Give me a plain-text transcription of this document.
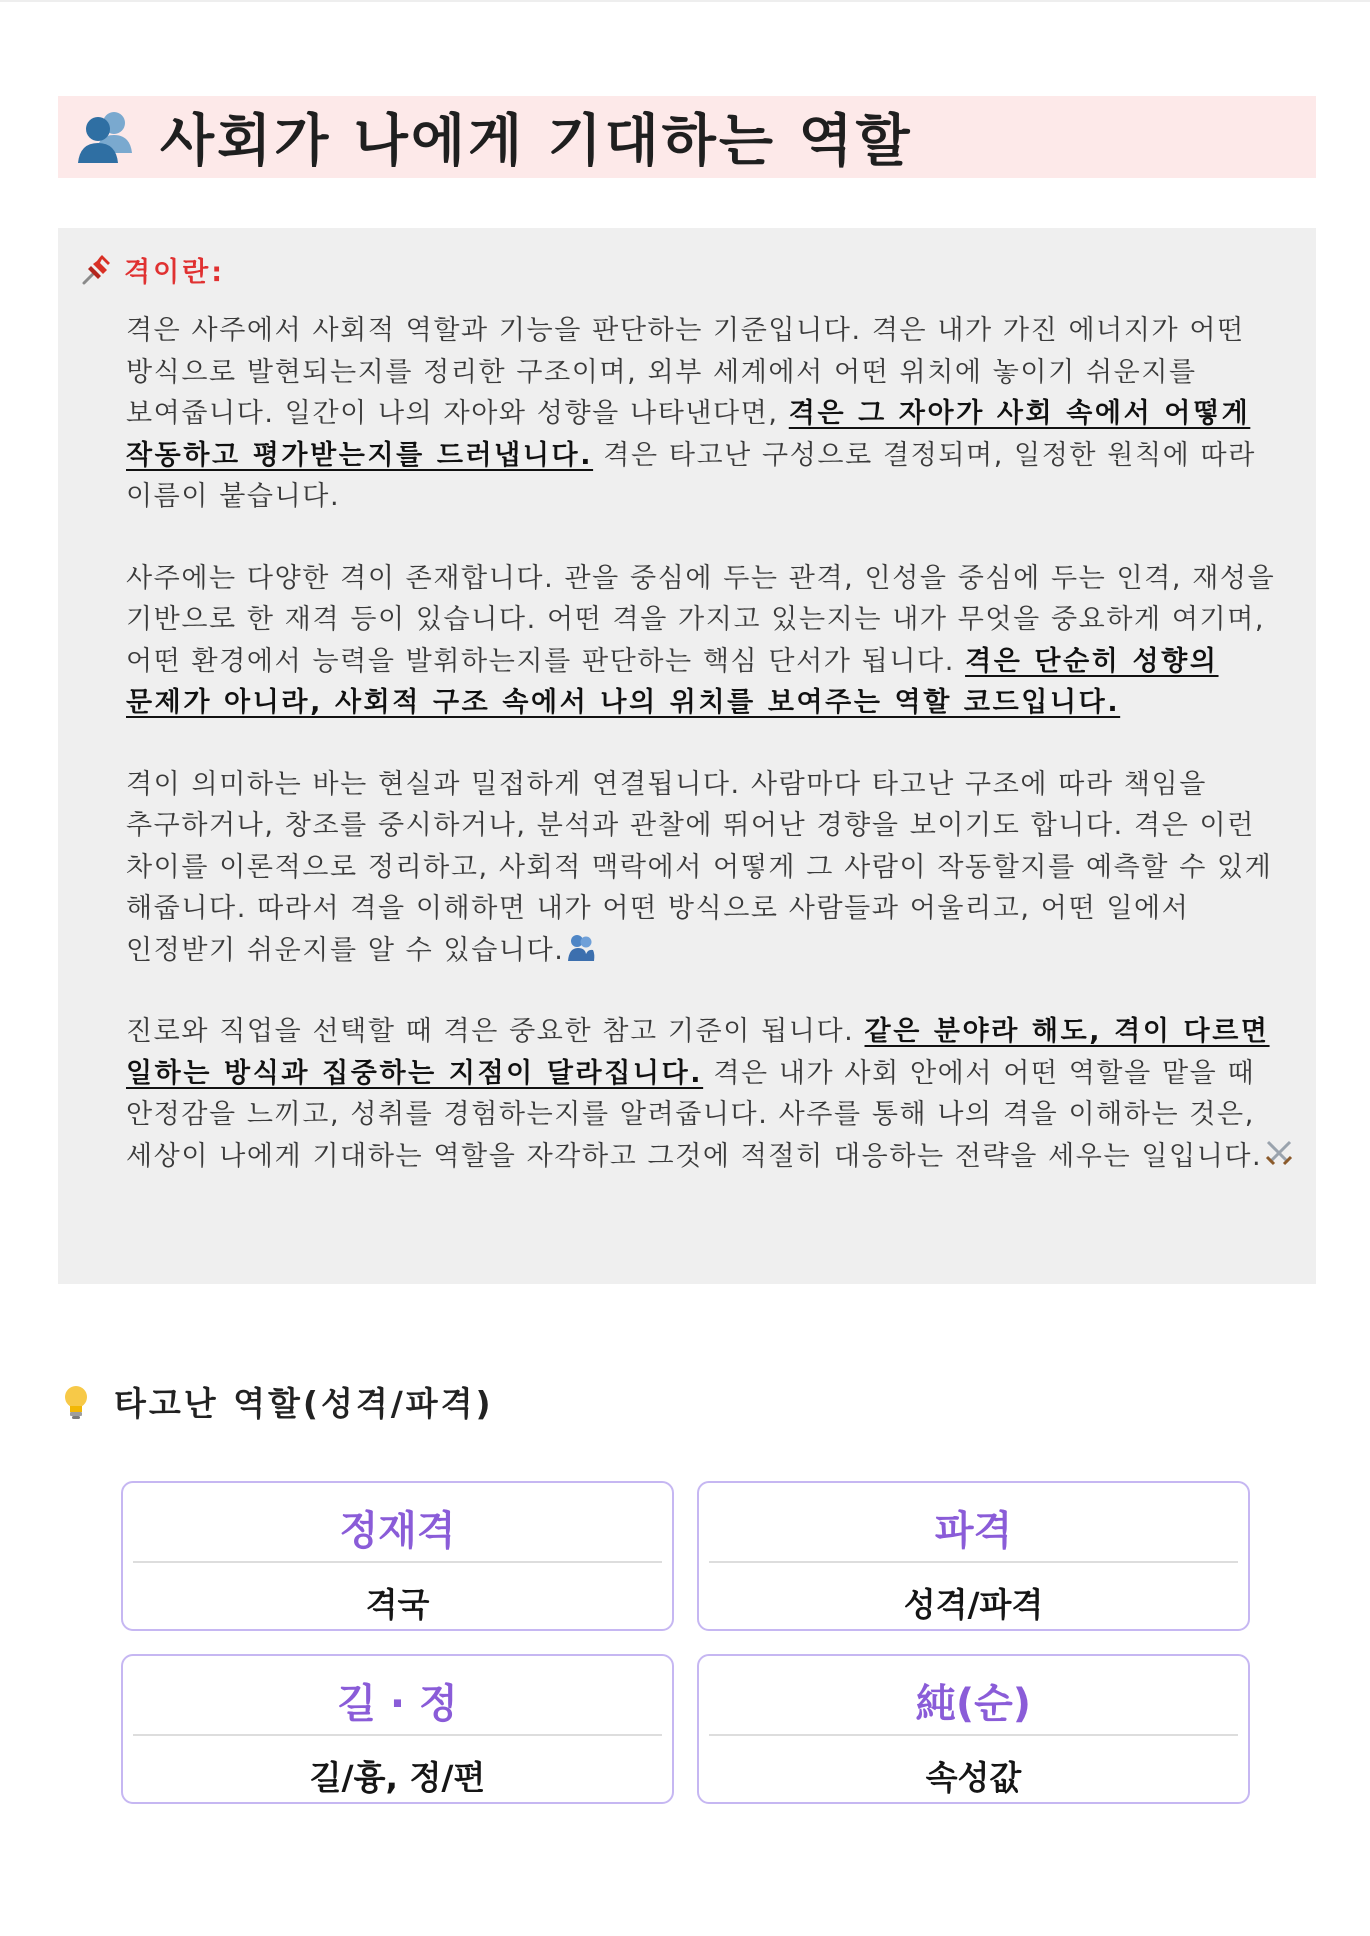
사회가 나에게 기대하는 역할
격이란:

격은 사주에서 사회적 역할과 기능을 판단하는 기준입니다. 격은 내가 가진 에너지가 어떤 방식으로 발현되는지를 정리한 구조이며, 외부 세계에서 어떤 위치에 놓이기 쉬운지를 보여줍니다. 일간이 나의 자아와 성향을 나타낸다면, 격은 그 자아가 사회 속에서 어떻게 작동하고 평가받는지를 드러냅니다. 격은 타고난 구성으로 결정되며, 일정한 원칙에 따라 이름이 붙습니다.

사주에는 다양한 격이 존재합니다. 관을 중심에 두는 관격, 인성을 중심에 두는 인격, 재성을 기반으로 한 재격 등이 있습니다. 어떤 격을 가지고 있는지는 내가 무엇을 중요하게 여기며, 어떤 환경에서 능력을 발휘하는지를 판단하는 핵심 단서가 됩니다. 격은 단순히 성향의 문제가 아니라, 사회적 구조 속에서 나의 위치를 보여주는 역할 코드입니다.

격이 의미하는 바는 현실과 밀접하게 연결됩니다. 사람마다 타고난 구조에 따라 책임을 추구하거나, 창조를 중시하거나, 분석과 관찰에 뛰어난 경향을 보이기도 합니다. 격은 이런 차이를 이론적으로 정리하고, 사회적 맥락에서 어떻게 그 사람이 작동할지를 예측할 수 있게 해줍니다. 따라서 격을 이해하면 내가 어떤 방식으로 사람들과 어울리고, 어떤 일에서 인정받기 쉬운지를 알 수 있습니다.

진로와 직업을 선택할 때 격은 중요한 참고 기준이 됩니다. 같은 분야라 해도, 격이 다르면 일하는 방식과 집중하는 지점이 달라집니다. 격은 내가 사회 안에서 어떤 역할을 맡을 때 안정감을 느끼고, 성취를 경험하는지를 알려줍니다. 사주를 통해 나의 격을 이해하는 것은, 세상이 나에게 기대하는 역할을 자각하고 그것에 적절히 대응하는 전략을 세우는 일입니다.

타고난 역할(성격/파격)
정재격
격국
파격
성격/파격
길 · 정
길/흉, 정/편
純(순)
속성값
